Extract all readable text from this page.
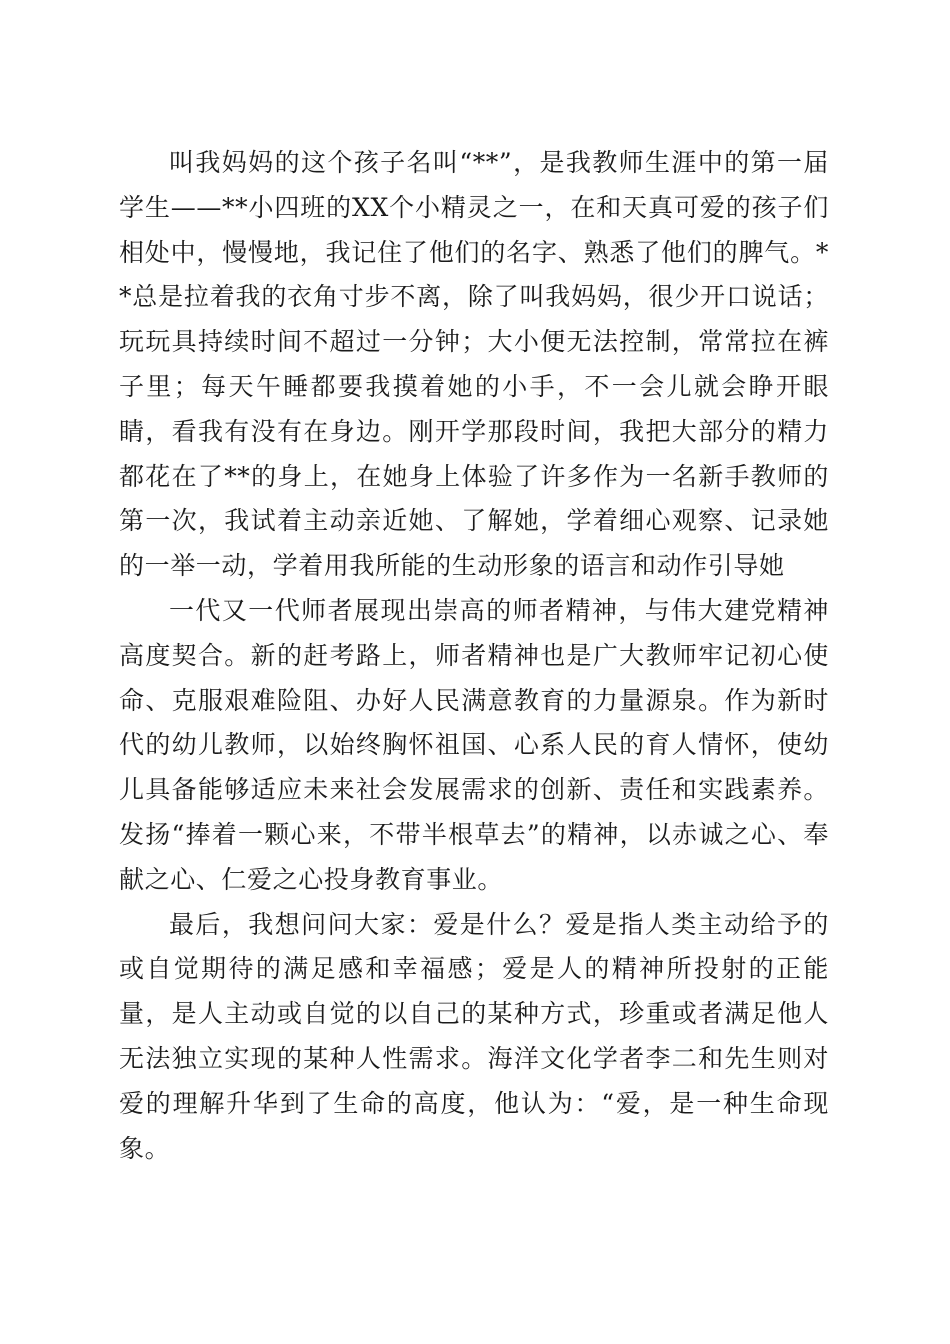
叫我妈妈的这个孩子名叫“**”，是我教师生涯中的第一届学生——**小四班的XX个小精灵之一，在和天真可爱的孩子们相处中，慢慢地，我记住了他们的名字、熟悉了他们的脾气。**总是拉着我的衣角寸步不离，除了叫我妈妈，很少开口说话；玩玩具持续时间不超过一分钟；大小便无法控制，常常拉在裤子里；每天午睡都要我摸着她的小手，不一会儿就会睁开眼睛，看我有没有在身边。刚开学那段时间，我把大部分的精力都花在了**的身上，在她身上体验了许多作为一名新手教师的第一次，我试着主动亲近她、了解她，学着细心观察、记录她的一举一动，学着用我所能的生动形象的语言和动作引导她

一代又一代师者展现出崇高的师者精神，与伟大建党精神高度契合。新的赶考路上，师者精神也是广大教师牢记初心使命、克服艰难险阻、办好人民满意教育的力量源泉。作为新时代的幼儿教师，以始终胸怀祖国、心系人民的育人情怀，使幼儿具备能够适应未来社会发展需求的创新、责任和实践素养。发扬“捧着一颗心来，不带半根草去”的精神，以赤诚之心、奉献之心、仁爱之心投身教育事业。

最后，我想问问大家：爱是什么？爱是指人类主动给予的或自觉期待的满足感和幸福感；爱是人的精神所投射的正能量，是人主动或自觉的以自己的某种方式，珍重或者满足他人无法独立实现的某种人性需求。海洋文化学者李二和先生则对爱的理解升华到了生命的高度，他认为：“爱，是一种生命现象。
